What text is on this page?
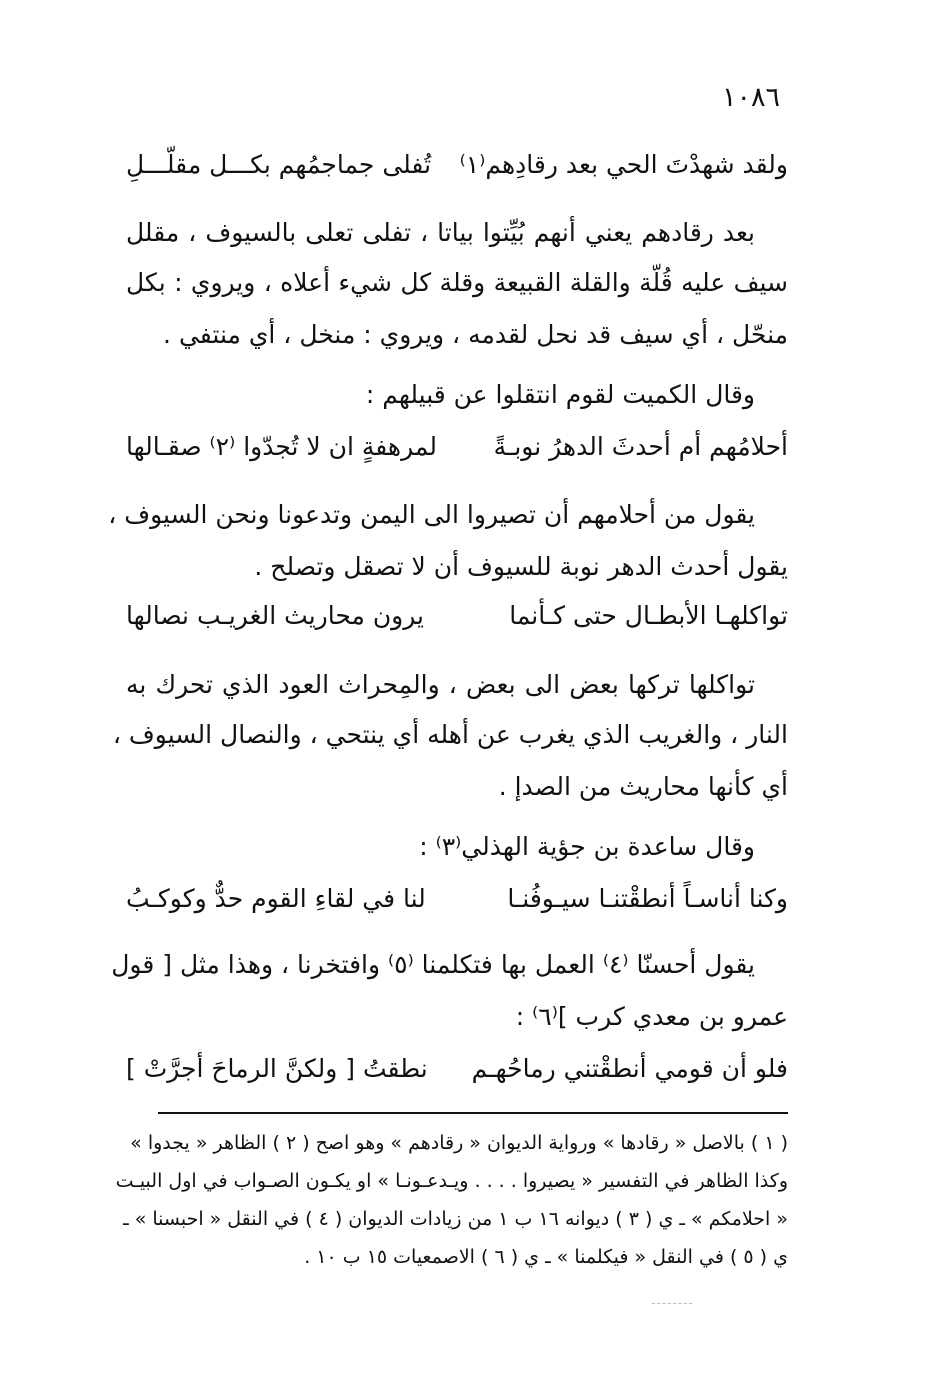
١٠٨٦
ولقد شهدْتَ الحي بعد رقادِهم⁽١⁾
تُفلى جماجمُهم بكـــل مقلّـــلِ
بعد رقادهم يعني أنهم بُيِّتوا بياتا ، تفلى تعلى بالسيوف ، مقلل
سيف عليه قُلّة والقلة القبيعة وقلة كل شيء أعلاه ، ويروي : بكل
منحّل ، أي سيف قد نحل لقدمه ، ويروي : منخل ، أي منتفي .
وقال الكميت لقوم انتقلوا عن قبيلهم :
أحلامُهم أم أحدثَ الدهرُ نوبـةً
لمرهفةٍ ان لا تُجدّوا ⁽٢⁾ صقـالها
يقول من أحلامهم أن تصيروا الى اليمن وتدعونا ونحن السيوف ،
يقول أحدث الدهر نوبة للسيوف أن لا تصقل وتصلح .
تواكلهـا الأبطـال حتى كـأنما
يرون محاريث الغريـب نصالها
تواكلها تركها بعض الى بعض ، والمِحراث العود الذي تحرك به
النار ، والغريب الذي يغرب عن أهله أي ينتحي ، والنصال السيوف ،
أي كأنها محاريث من الصدإ .
وقال ساعدة بن جؤية الهذلي⁽٣⁾ :
وكنا أناسـاً أنطقْتنـا سيـوفُنـا
لنا في لقاءِ القوم حدٌّ وكوكـبُ
يقول أحسنّا ⁽٤⁾ العمل بها فتكلمنا ⁽٥⁾ وافتخرنا ، وهذا مثل [ قول
عمرو بن معدي كرب ]⁽٦⁾ :
فلو أن قومي أنطقْتني رماحُهـم
نطقتُ [ ولكنَّ الرماحَ أجرَّتْ ]
( ١ ) بالاصل « رقادها » ورواية الديوان « رقادهم » وهو اصح ( ٢ ) الظاهر « يجدوا »
وكذا الظاهر في التفسير « يصيروا . . . . ويـدعـونـا » او يكـون الصـواب في اول البيـت
« احلامكم » ـ ي ( ٣ ) ديوانه ١٦ ب ١ من زيادات الديوان ( ٤ ) في النقل « احبسنا » ـ
ي ( ٥ ) في النقل « فيكلمنا » ـ ي ( ٦ ) الاصمعيات ١٥ ب ١٠ .
